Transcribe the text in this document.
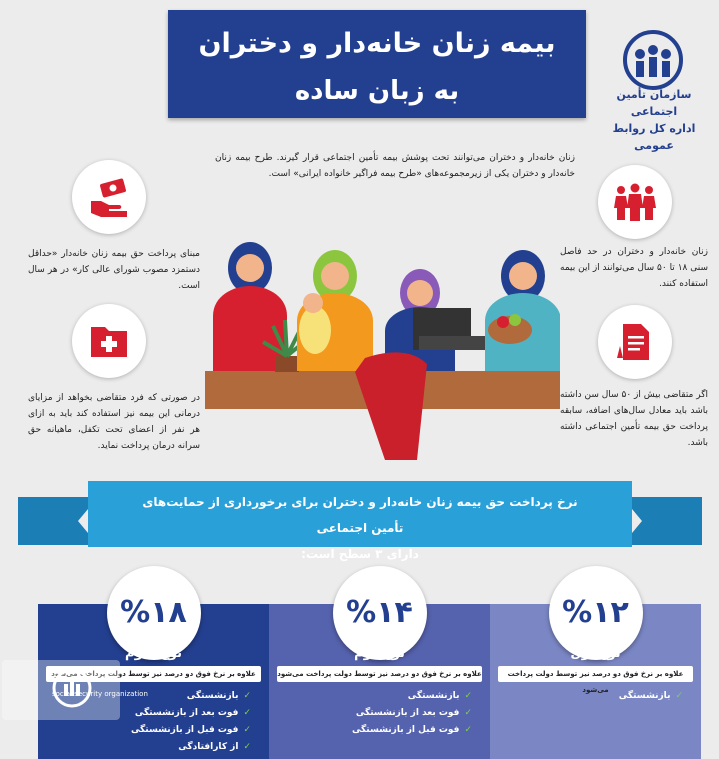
بیمه زنان خانه‌دار و دختران
به زبان ساده	سازمان تأمین اجتماعی
اداره کل روابط عمومی
زنان خانه‌دار و دختران می‌توانند تحت پوشش بیمه تأمین اجتماعی قرار گیرند. طرح بیمه زنان خانه‌دار و دختران یکی از زیرمجموعه‌های «طرح بیمه فراگیر خانواده ایرانی» است.
زنان خانه‌دار و دختران در حد فاصل سنی ۱۸ تا ۵۰ سال می‌توانند از این بیمه استفاده کنند.
اگر متقاضی بیش از ۵۰ سال سن داشته باشد باید معادل سال‌های اضافه، سابقه پرداخت حق بیمه تأمین اجتماعی داشته باشد.
مبنای پرداخت حق بیمه زنان خانه‌دار «حداقل دستمزد مصوب شورای عالی کار» در هر سال است.
در صورتی که فرد متقاضی بخواهد از مزایای درمانی این بیمه نیز استفاده کند باید به ازای هر نفر از اعضای تحت تکفل، ماهیانه حق سرانه درمان پرداخت نماید.
نرخ پرداخت حق بیمه زنان خانه‌دار و دختران برای برخورداری از حمایت‌های تأمین اجتماعی
دارای ۳ سطح است:
%۱۲
نوع اول
علاوه بر نرخ فوق دو درصد نیز توسط دولت پرداخت می‌شود
✓بازنشستگی
%۱۴
نوع دوم
علاوه بر نرخ فوق دو درصد نیز توسط دولت پرداخت می‌شود
✓بازنشستگی
✓فوت بعد از بازنشستگی
✓فوت قبل از بازنشستگی
%۱۸
نوع سوم
علاوه بر نرخ فوق دو درصد نیز توسط دولت پرداخت می‌شود
✓بازنشستگی
✓فوت بعد از بازنشستگی
✓فوت قبل از بازنشستگی
✓از کارافتادگی
social security organization
